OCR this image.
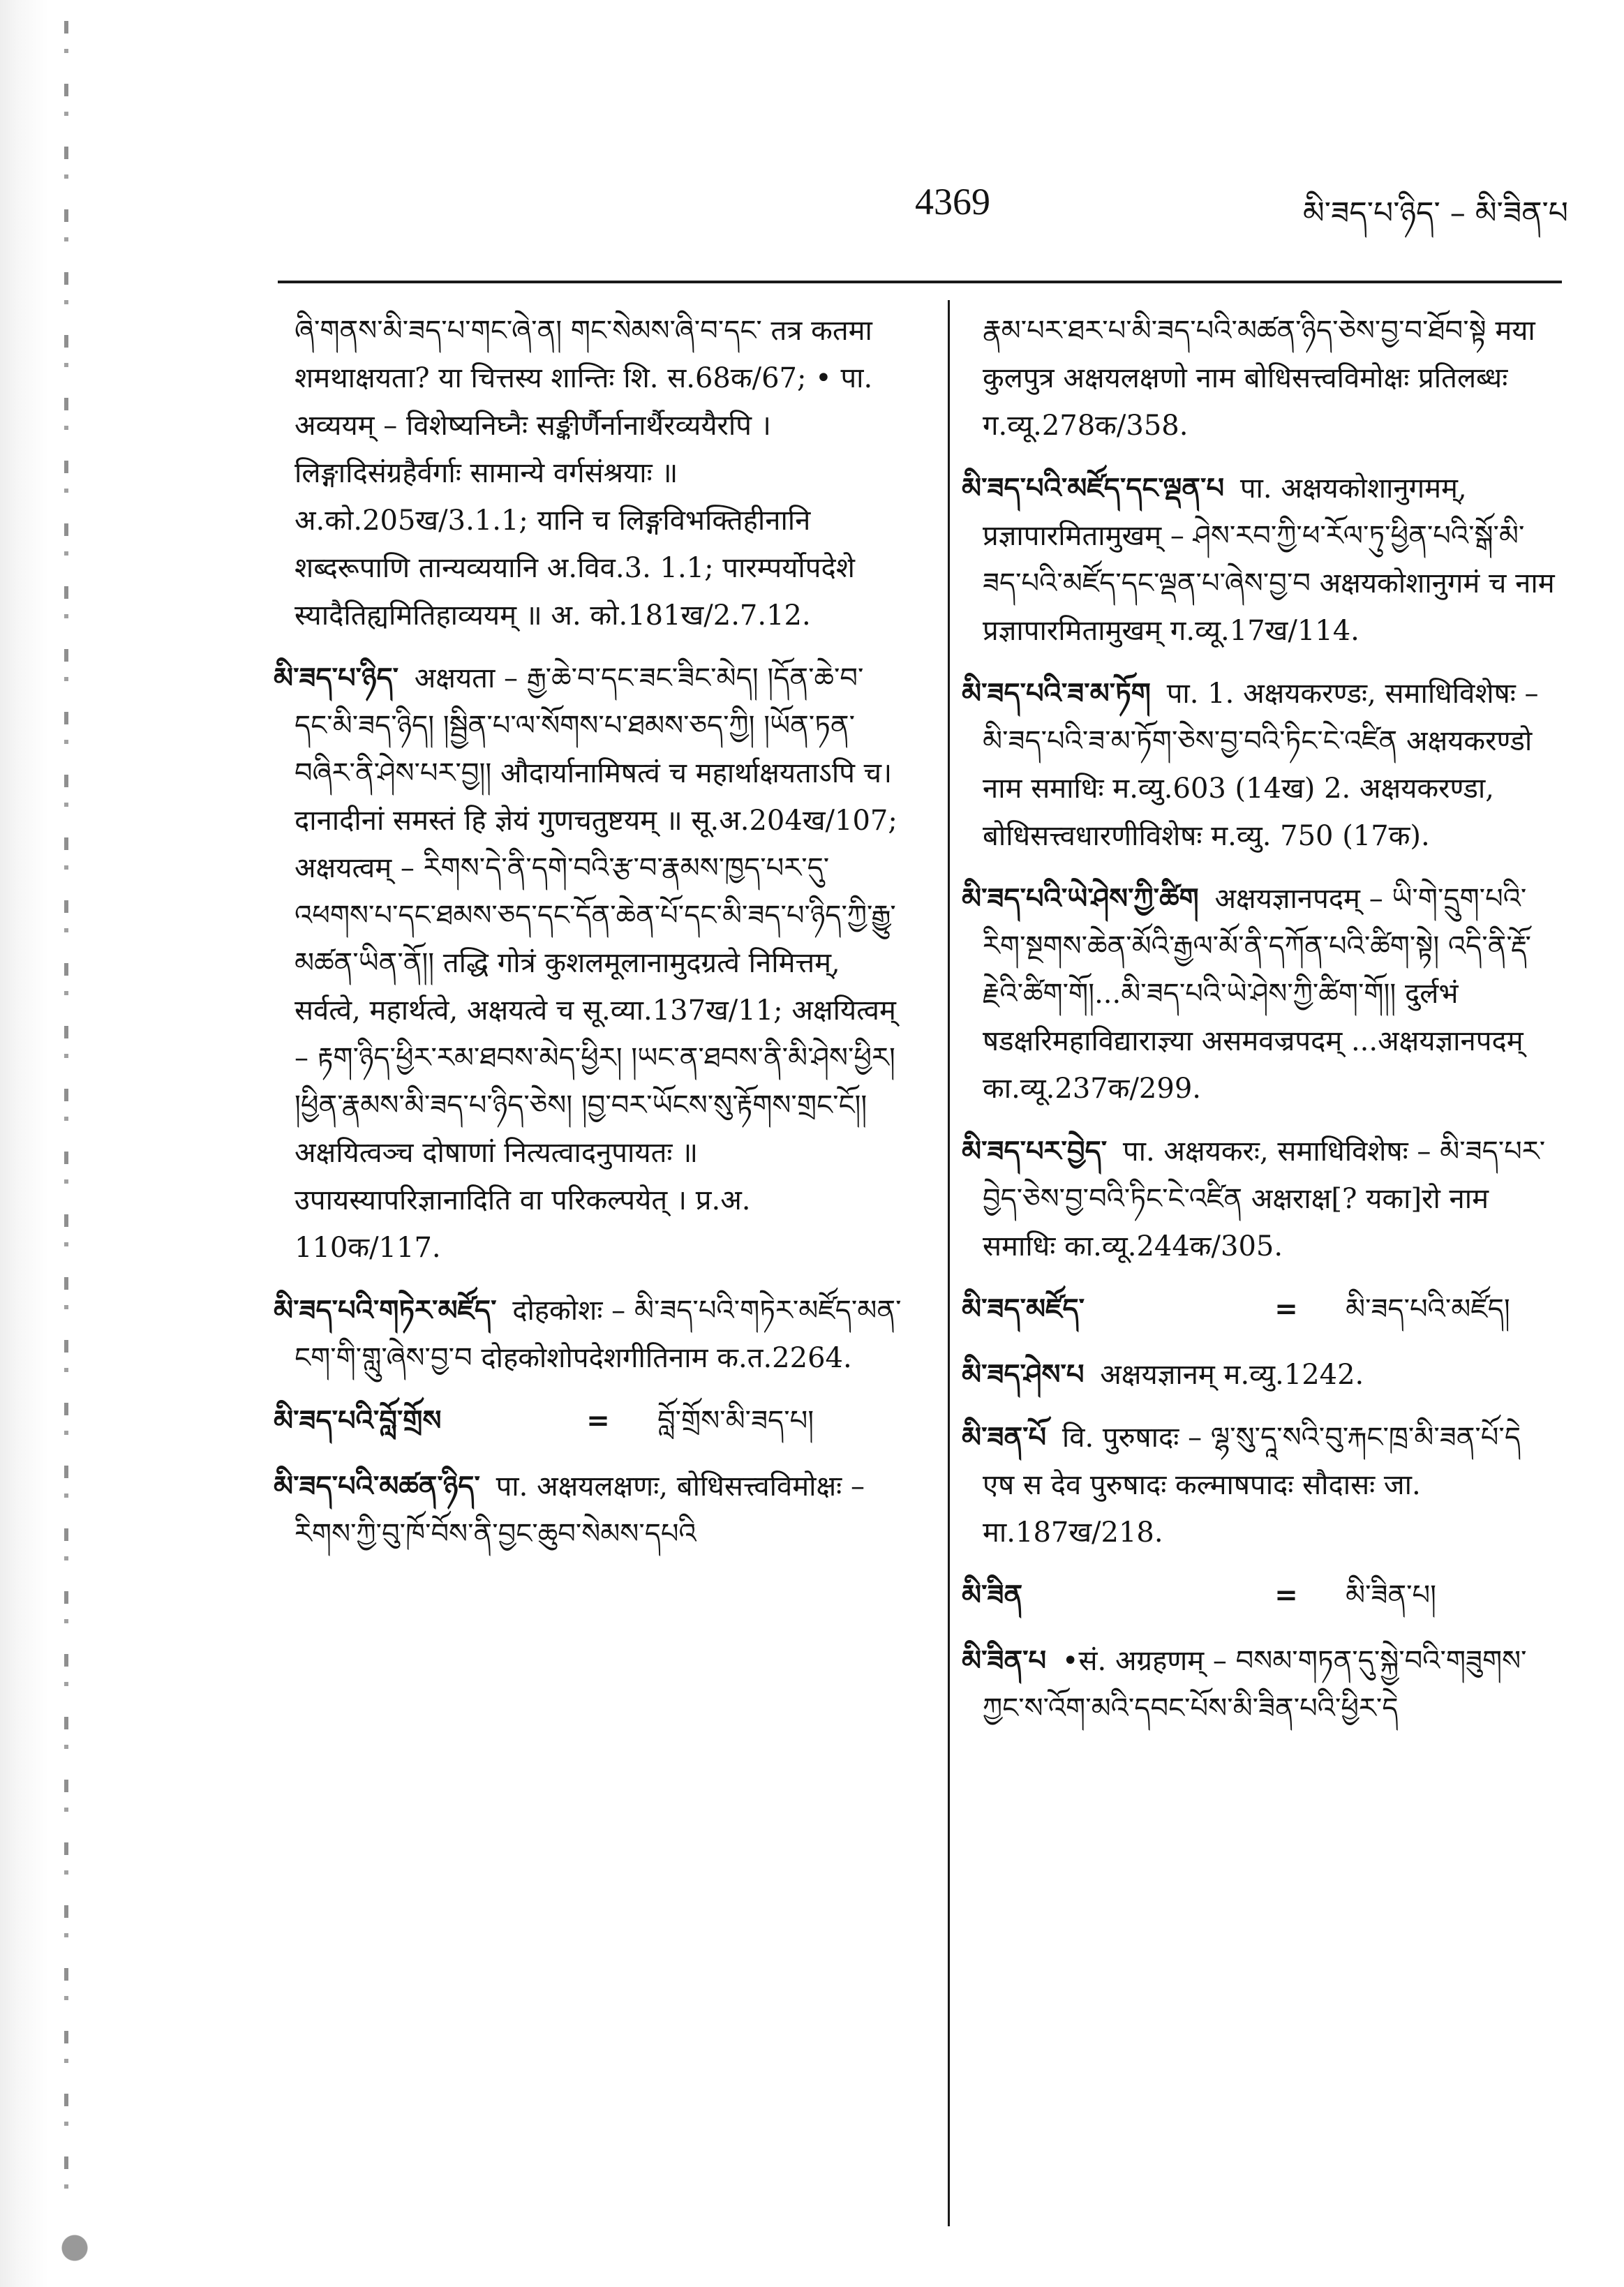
4369	མི་ཟད་པ་ཉིད་ – མི་ཟིན་པ

ཞི་གནས་མི་ཟད་པ་གང་ཞེ་ན། གང་སེམས་ཞི་བ་དང་ तत्र कतमा शमथाक्षयता? या चित्तस्य शान्तिः शि. स.68क/67; • पा. अव्ययम् – विशेष्यनिघ्नैः सङ्कीर्णैर्नानार्थैरव्ययैरपि । लिङ्गादिसंग्रहैर्वर्गाः सामान्ये वर्गसंश्रयाः ॥ अ.को.205ख/3.1.1; यानि च लिङ्गविभक्तिहीनानि शब्दरूपाणि तान्यव्ययानि अ.विव.3. 1.1; पारम्पर्योपदेशे स्यादैतिह्यमितिहाव्ययम् ॥ अ. को.181ख/2.7.12.

མི་ཟད་པ་ཉིད་ अक्षयता – རྒྱ་ཆེ་བ་དང་ཟང་ཟིང་མེད། །དོན་ཆེ་བ་དང་མི་ཟད་ཉིད། །སྦྱིན་པ་ལ་སོགས་པ་ཐམས་ཅད་ཀྱི། །ཡོན་ཏན་བཞིར་ནི་ཤེས་པར་བྱ།། औदार्यानामिषत्वं च महार्थाक्षयताऽपि च। दानादीनां समस्तं हि ज्ञेयं गुणचतुष्टयम् ॥ सू.अ.204ख/107; अक्षयत्वम् – རིགས་དེ་ནི་དགེ་བའི་རྩ་བ་རྣམས་ཁྱད་པར་དུ་འཕགས་པ་དང་ཐམས་ཅད་དང་དོན་ཆེན་པོ་དང་མི་ཟད་པ་ཉིད་ཀྱི་རྒྱུ་མཚན་ཡིན་ནོ།། तद्धि गोत्रं कुशलमूलानामुदग्रत्वे निमित्तम्, सर्वत्वे, महार्थत्वे, अक्षयत्वे च सू.व्या.137ख/11; अक्षयित्वम् – རྟག་ཉིད་ཕྱིར་རམ་ཐབས་མེད་ཕྱིར། །ཡང་ན་ཐབས་ནི་མི་ཤེས་ཕྱིར། །ཕྱིན་རྣམས་མི་ཟད་པ་ཉིད་ཅེས། །བྱ་བར་ཡོངས་སུ་རྟོགས་གྲང་ངོ།། अक्षयित्वञ्च दोषाणां नित्यत्वादनुपायतः ॥ उपायस्यापरिज्ञानादिति वा परिकल्पयेत् । प्र.अ. 110क/117.

མི་ཟད་པའི་གཏེར་མཛོད་ दोहकोशः – མི་ཟད་པའི་གཏེར་མཛོད་མན་ངག་གི་གླུ་ཞེས་བྱ་བ दोहकोशोपदेशगीतिनाम क.त.2264.

མི་ཟད་པའི་བློ་གྲོས	=	བློ་གྲོས་མི་ཟད་པ།

མི་ཟད་པའི་མཚན་ཉིད་ पा. अक्षयलक्षणः, बोधिसत्त्वविमोक्षः – རིགས་ཀྱི་བུ་ཁོ་བོས་ནི་བྱང་ཆུབ་སེམས་དཔའི

རྣམ་པར་ཐར་པ་མི་ཟད་པའི་མཚན་ཉིད་ཅེས་བྱ་བ་ཐོབ་སྟེ मया कुलपुत्र अक्षयलक्षणो नाम बोधिसत्त्वविमोक्षः प्रतिलब्धः ग.व्यू.278क/358.

མི་ཟད་པའི་མཛོད་དང་ལྡན་པ पा. अक्षयकोशानुगमम्, प्रज्ञापारमितामुखम् – ཤེས་རབ་ཀྱི་ཕ་རོལ་ཏུ་ཕྱིན་པའི་སྒོ་མི་ཟད་པའི་མཛོད་དང་ལྡན་པ་ཞེས་བྱ་བ अक्षयकोशानुगमं च नाम प्रज्ञापारमितामुखम् ग.व्यू.17ख/114.

མི་ཟད་པའི་ཟ་མ་ཏོག पा. 1. अक्षयकरण्डः, समाधिविशेषः – མི་ཟད་པའི་ཟ་མ་ཏོག་ཅེས་བྱ་བའི་ཏིང་ངེ་འཛིན अक्षयकरण्डो नाम समाधिः म.व्यु.603 (14ख) 2. अक्षयकरण्डा, बोधिसत्त्वधारणीविशेषः म.व्यु. 750 (17क).

མི་ཟད་པའི་ཡེ་ཤེས་ཀྱི་ཚིག अक्षयज्ञानपदम् – ཡི་གེ་དྲུག་པའི་རིག་སྔགས་ཆེན་མོའི་རྒྱལ་མོ་ནི་དཀོན་པའི་ཚིག་སྟེ། འདི་ནི་རྡོ་རྗེའི་ཚིག་གོ།...མི་ཟད་པའི་ཡེ་ཤེས་ཀྱི་ཚིག་གོ།། दुर्लभं षडक्षरिमहाविद्याराज्ञ्या असमवज्रपदम् ...अक्षयज्ञानपदम् का.व्यू.237क/299.

མི་ཟད་པར་བྱེད་ पा. अक्षयकरः, समाधिविशेषः – མི་ཟད་པར་བྱེད་ཅེས་བྱ་བའི་ཏིང་ངེ་འཛིན अक्षराक्ष[? यका]रो नाम समाधिः का.व्यू.244क/305.

མི་ཟད་མཛོད་	=	མི་ཟད་པའི་མཛོད།

མི་ཟད་ཤེས་པ अक्षयज्ञानम् म.व्यु.1242.

མི་ཟན་པོ वि. पुरुषादः – ལྷ་སུ་དཱ་སའི་བུ་རྐང་ཁྲ་མི་ཟན་པོ་དེ एष स देव पुरुषादः कल्माषपादः सौदासः जा. मा.187ख/218.

མི་ཟིན	=	མི་ཟིན་པ།

མི་ཟིན་པ •सं. अग्रहणम् – བསམ་གཏན་དུ་སྐྱེ་བའི་གཟུགས་ཀྱང་ས་འོག་མའི་དབང་པོས་མི་ཟིན་པའི་ཕྱིར་དེ
